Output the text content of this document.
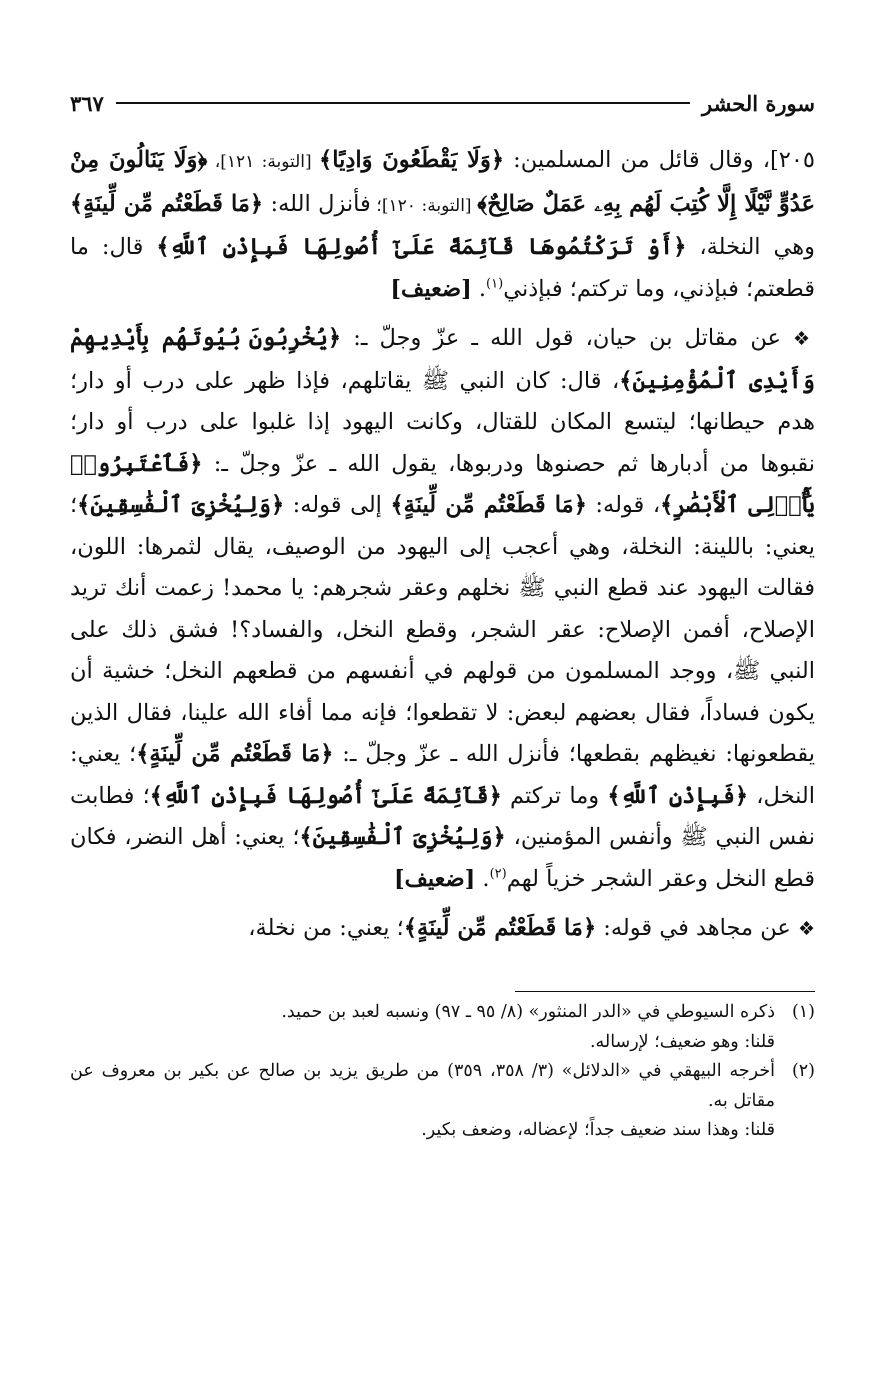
سورة الحشر
٣٦٧

٢٠٥]، وقال قائل من المسلمين: ﴿وَلَا يَقْطَعُونَ وَادِيًا﴾ [التوبة: ١٢١]، ﴿وَلَا يَنَالُونَ مِنْ عَدُوٍّ نَّيْلًا إِلَّا كُتِبَ لَهُم بِهِۦ عَمَلٌ صَالِحٌ﴾ [التوبة: ١٢٠]؛ فأنزل الله: ﴿مَا قَطَعْتُم مِّن لِّينَةٍ﴾ وهي النخلة، ﴿أَوْ تَرَكْتُمُوهَا قَآئِمَةً عَلَىٰٓ أُصُولِهَا فَبِإِذْنِ ٱللَّهِ﴾ قال: ما قطعتم؛ فبإذني، وما تركتم؛ فبإذني$^{(١)}$. [ضعيف]

❖ عن مقاتل بن حيان، قول الله ـ عزّ وجلّ ـ: ﴿يُخْرِبُونَ بُيُوتَهُم بِأَيْدِيهِمْ وَأَيْدِى ٱلْمُؤْمِنِينَ﴾، قال: كان النبي ﷺ يقاتلهم، فإذا ظهر على درب أو دار؛ هدم حيطانها؛ ليتسع المكان للقتال، وكانت اليهود إذا غلبوا على درب أو دار؛ نقبوها من أدبارها ثم حصنوها ودربوها، يقول الله ـ عزّ وجلّ ـ: ﴿فَٱعْتَبِرُوا۟ يَٰٓأُو۟لِى ٱلْأَبْصَٰرِ﴾، قوله: ﴿مَا قَطَعْتُم مِّن لِّينَةٍ﴾ إلى قوله: ﴿وَلِيُخْزِىَ ٱلْفَٰسِقِينَ﴾؛ يعني: باللينة: النخلة، وهي أعجب إلى اليهود من الوصيف، يقال لثمرها: اللون، فقالت اليهود عند قطع النبي ﷺ نخلهم وعقر شجرهم: يا محمد! زعمت أنك تريد الإصلاح، أفمن الإصلاح: عقر الشجر، وقطع النخل، والفساد؟! فشق ذلك على النبي ﷺ، ووجد المسلمون من قولهم في أنفسهم من قطعهم النخل؛ خشية أن يكون فساداً، فقال بعضهم لبعض: لا تقطعوا؛ فإنه مما أفاء الله علينا، فقال الذين يقطعونها: نغيظهم بقطعها؛ فأنزل الله ـ عزّ وجلّ ـ: ﴿مَا قَطَعْتُم مِّن لِّينَةٍ﴾؛ يعني: النخل، ﴿فَبِإِذْنِ ٱللَّهِ﴾ وما تركتم ﴿قَآئِمَةً عَلَىٰٓ أُصُولِهَا فَبِإِذْنِ ٱللَّهِ﴾؛ فطابت نفس النبي ﷺ وأنفس المؤمنين، ﴿وَلِيُخْزِىَ ٱلْفَٰسِقِينَ﴾؛ يعني: أهل النضر، فكان قطع النخل وعقر الشجر خزياً لهم$^{(٢)}$. [ضعيف]

❖ عن مجاهد في قوله: ﴿مَا قَطَعْتُم مِّن لِّينَةٍ﴾؛ يعني: من نخلة،

(١)
ذكره السيوطي في «الدر المنثور» (٨/ ٩٥ ـ ٩٧) ونسبه لعبد بن حميد.
قلنا: وهو ضعيف؛ لإرساله.
(٢)
أخرجه البيهقي في «الدلائل» (٣/ ٣٥٨، ٣٥٩) من طريق يزيد بن صالح عن بكير بن معروف عن مقاتل به.
قلنا: وهذا سند ضعيف جداً؛ لإعضاله، وضعف بكير.
